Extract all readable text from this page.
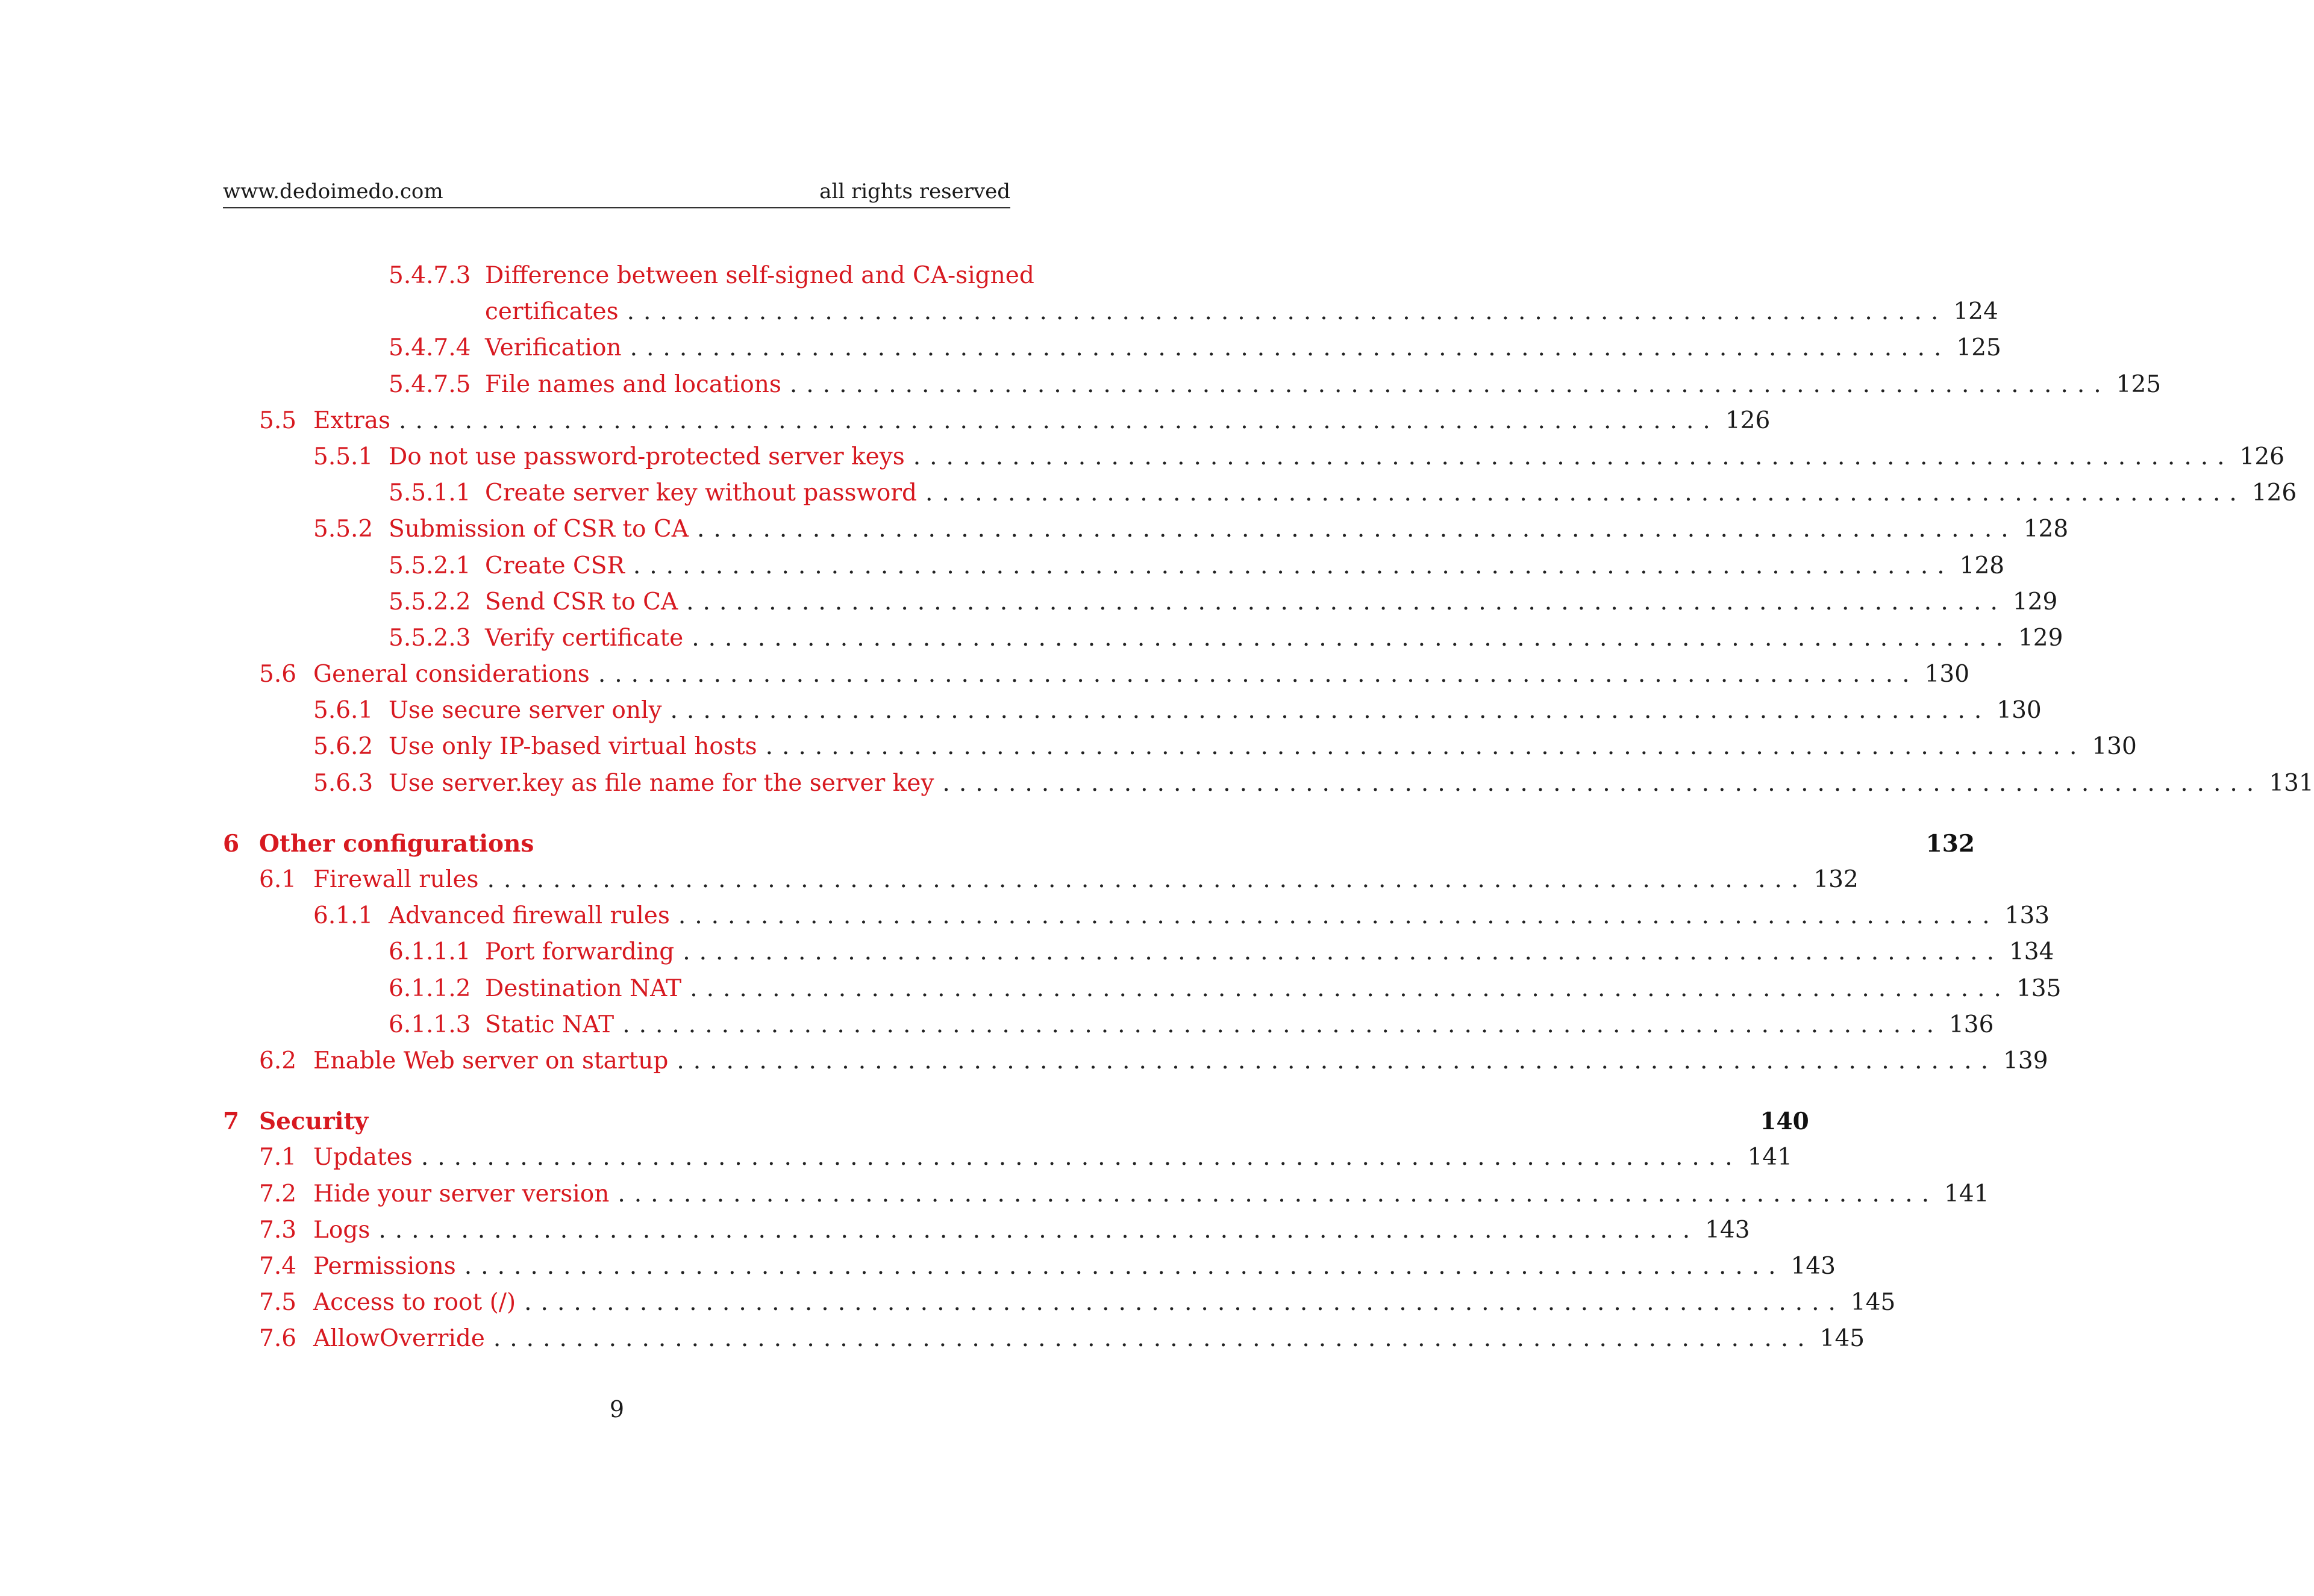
www.dedoimedo.com	all rights reserved
5.4.7.3 Difference between self-signed and CA-signed
certificates ................................................................................ 124
5.4.7.4 Verification ................................................................................ 125
5.4.7.5 File names and locations ................................................................................ 125
5.5 Extras ................................................................................ 126
5.5.1 Do not use password-protected server keys ................................................................................ 126
5.5.1.1 Create server key without password ................................................................................ 126
5.5.2 Submission of CSR to CA ................................................................................ 128
5.5.2.1 Create CSR ................................................................................ 128
5.5.2.2 Send CSR to CA ................................................................................ 129
5.5.2.3 Verify certificate ................................................................................ 129
5.6 General considerations ................................................................................ 130
5.6.1 Use secure server only ................................................................................ 130
5.6.2 Use only IP-based virtual hosts ................................................................................ 130
5.6.3 Use server.key as file name for the server key ................................................................................ 131
6 Other configurations	132
6.1 Firewall rules ................................................................................ 132
6.1.1 Advanced firewall rules ................................................................................ 133
6.1.1.1 Port forwarding ................................................................................ 134
6.1.1.2 Destination NAT ................................................................................ 135
6.1.1.3 Static NAT ................................................................................ 136
6.2 Enable Web server on startup ................................................................................ 139
7 Security	140
7.1 Updates ................................................................................ 141
7.2 Hide your server version ................................................................................ 141
7.3 Logs ................................................................................ 143
7.4 Permissions ................................................................................ 143
7.5 Access to root (/) ................................................................................ 145
7.6 AllowOverride ................................................................................ 145
9
